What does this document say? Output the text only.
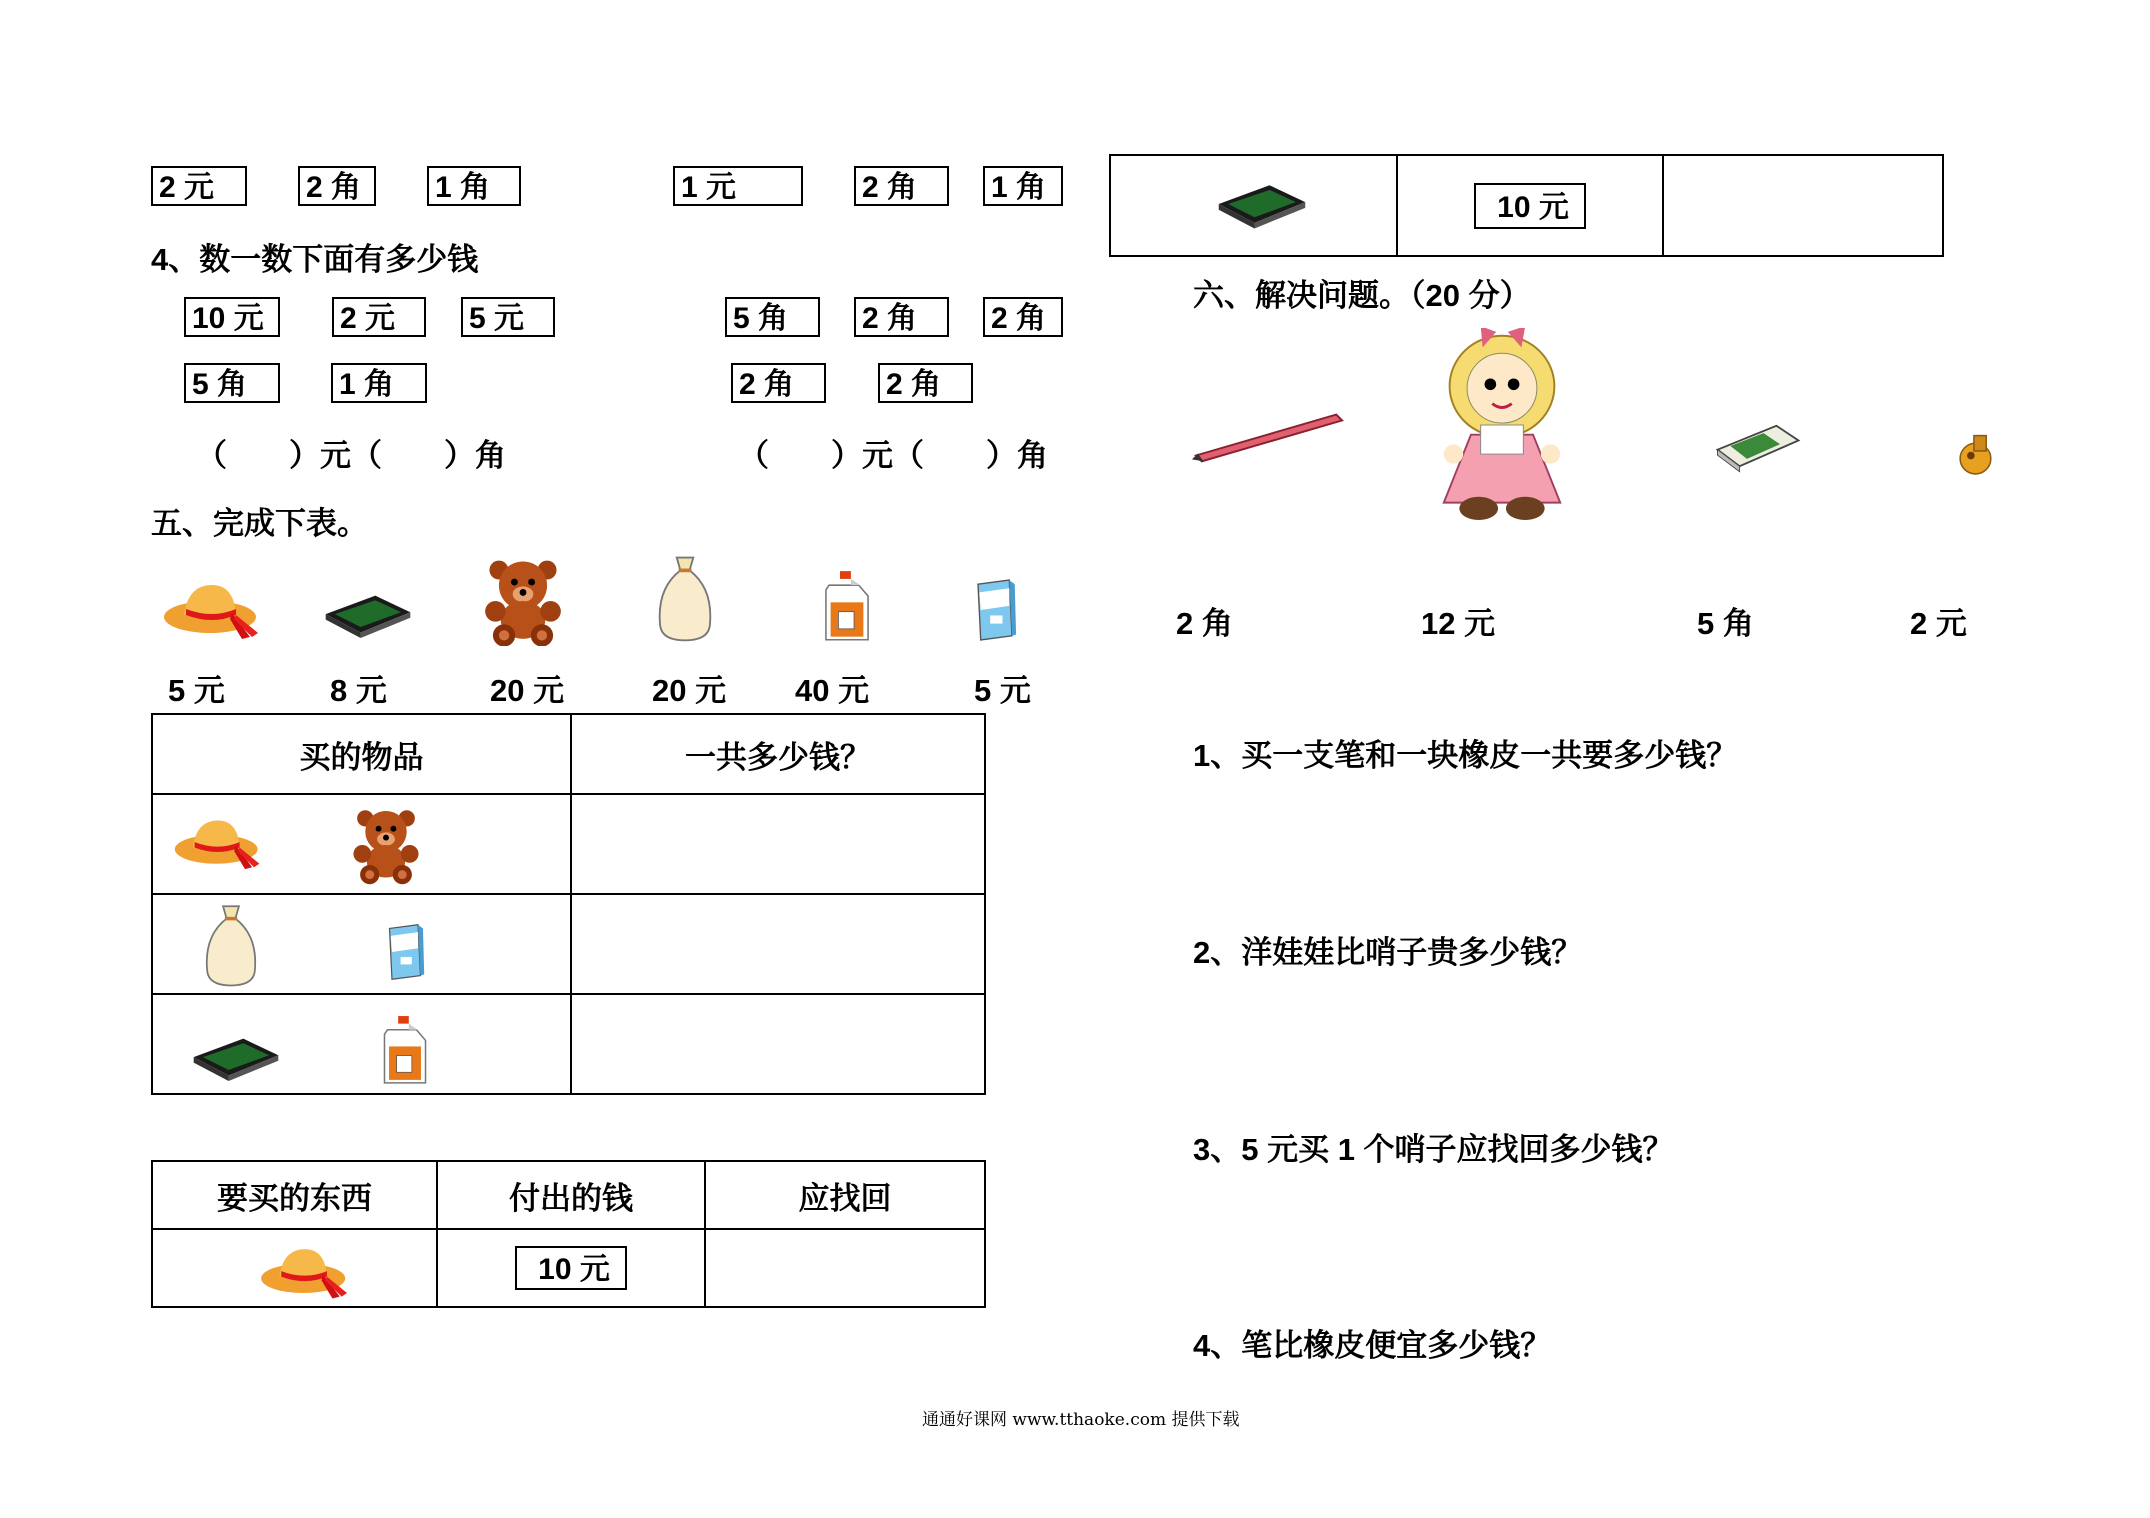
2 元	2 角	1 角	1 元	2 角	1 角
4、数一数下面有多少钱
10 元	2 元	5 元
5 角	1 角
5 角	2 角	2 角
2 角	2 角
（　　）元（　　）角	（　　）元（　　）角
五、完成下表。
5 元	8 元	20 元	20 元 40 元	5 元
买的物品	一共多少钱？

要买的东西	付出的钱	应找回

	10 元	
	10 元	
六、解决问题。（20 分）
2 角	12 元	5 角	2 元
1、买一支笔和一块橡皮一共要多少钱？
2、洋娃娃比哨子贵多少钱？
3、5 元买 1 个哨子应找回多少钱？
4、笔比橡皮便宜多少钱？
通通好课网 www.tthaoke.com 提供下载
